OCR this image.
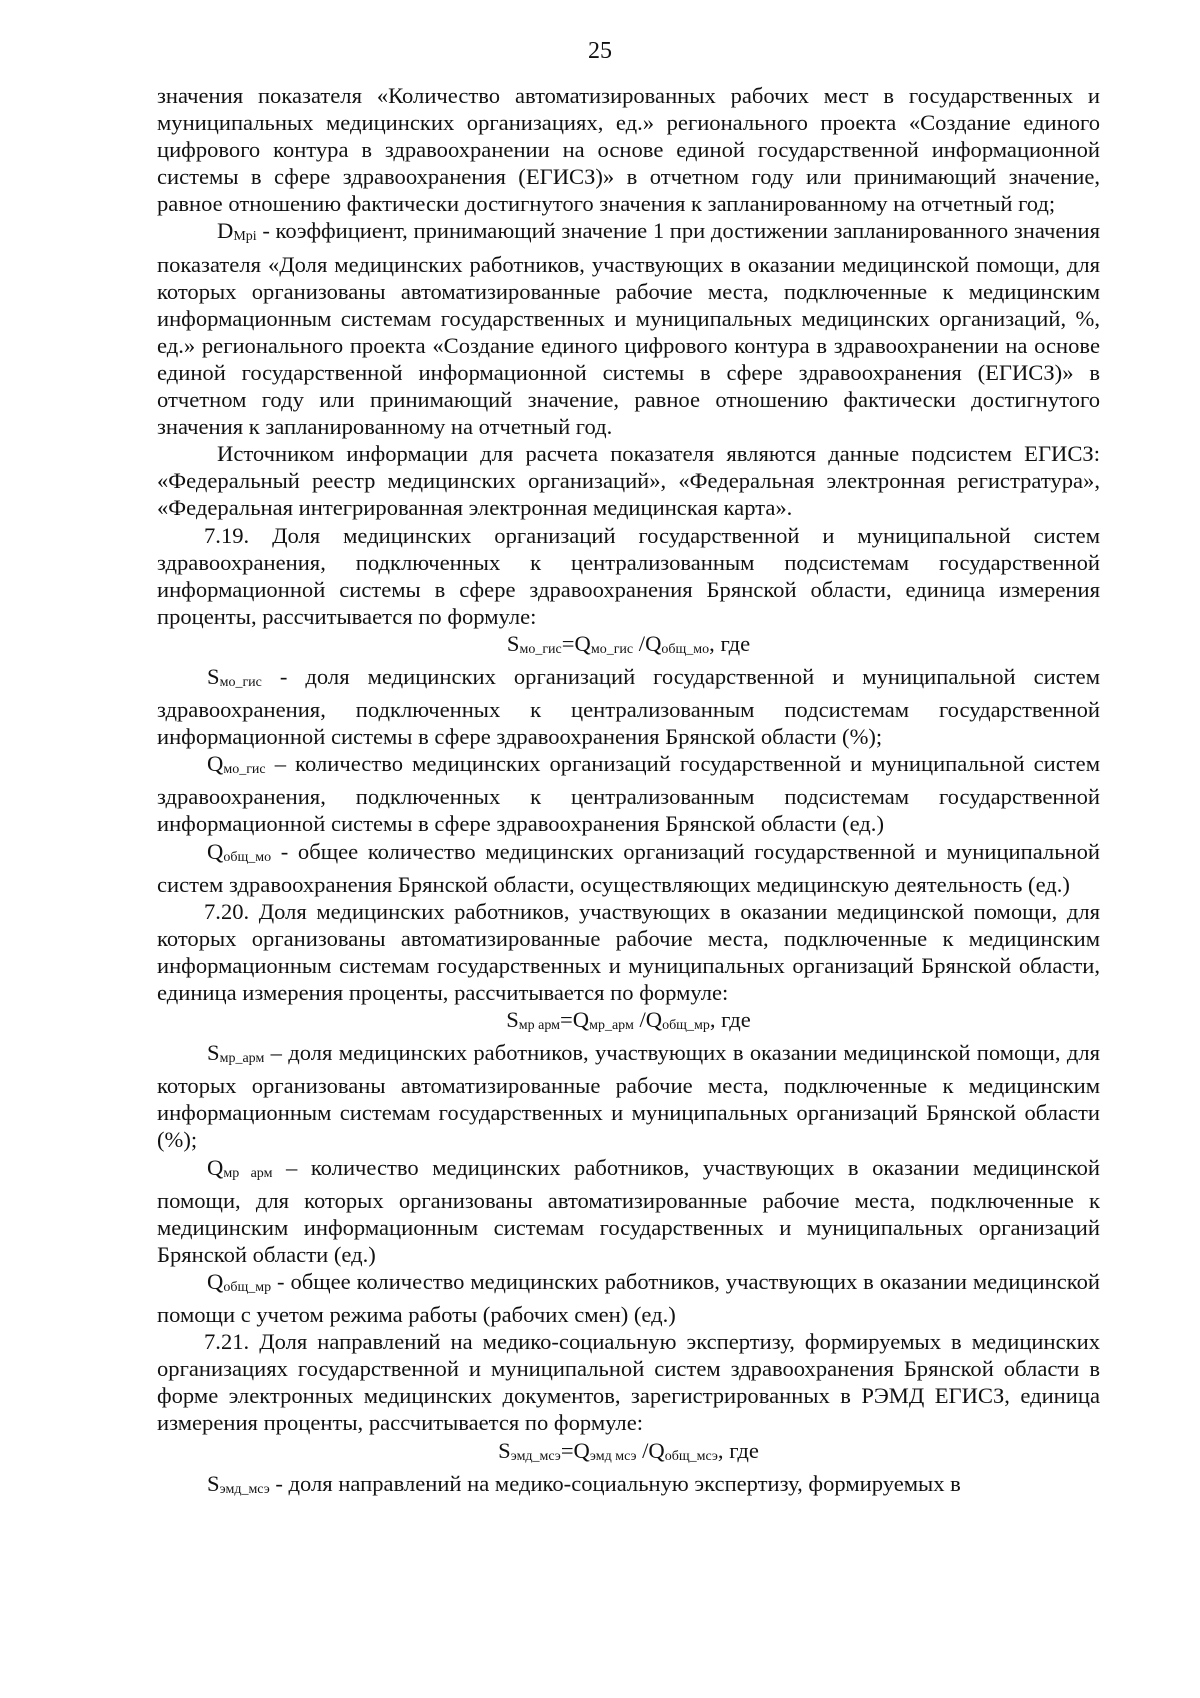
25

значения показателя «Количество автоматизированных рабочих мест в государственных и муниципальных медицинских организациях, ед.» регионального проекта «Создание единого цифрового контура в здравоохранении на основе единой государственной информационной системы в сфере здравоохранения (ЕГИСЗ)» в отчетном году или принимающий значение, равное отношению фактически достигнутого значения к запланированному на отчетный год;

DMpi - коэффициент, принимающий значение 1 при достижении запланированного значения показателя «Доля медицинских работников, участвующих в оказании медицинской помощи, для которых организованы автоматизированные рабочие места, подключенные к медицинским информационным системам государственных и муниципальных медицинских организаций, %, ед.» регионального проекта «Создание единого цифрового контура в здравоохранении на основе единой государственной информационной системы в сфере здравоохранения (ЕГИСЗ)» в отчетном году или принимающий значение, равное отношению фактически достигнутого значения к запланированному на отчетный год.

Источником информации для расчета показателя являются данные подсистем ЕГИСЗ: «Федеральный реестр медицинских организаций», «Федеральная электронная регистратура», «Федеральная интегрированная электронная медицинская карта».

7.19. Доля медицинских организаций государственной и муниципальной систем здравоохранения, подключенных к централизованным подсистемам государственной информационной системы в сфере здравоохранения Брянской области, единица измерения проценты, рассчитывается по формуле:

Sмо_гис=Qмо_гис /Qобщ_мо, где

Sмо_гис - доля медицинских организаций государственной и муниципальной систем здравоохранения, подключенных к централизованным подсистемам государственной информационной системы в сфере здравоохранения Брянской области (%);

Qмо_гис – количество медицинских организаций государственной и муниципальной систем здравоохранения, подключенных к централизованным подсистемам государственной информационной системы в сфере здравоохранения Брянской области (ед.)

Qобщ_мо - общее количество медицинских организаций государственной и муниципальной систем здравоохранения Брянской области, осуществляющих медицинскую деятельность (ед.)

7.20. Доля медицинских работников, участвующих в оказании медицинской помощи, для которых организованы автоматизированные рабочие места, подключенные к медицинским информационным системам государственных и муниципальных организаций Брянской области, единица измерения проценты, рассчитывается по формуле:

Sмр арм=Qмр_арм /Qобщ_мр, где

Sмр_арм – доля медицинских работников, участвующих в оказании медицинской помощи, для которых организованы автоматизированные рабочие места, подключенные к медицинским информационным системам государственных и муниципальных организаций Брянской области (%);

Qмр арм – количество медицинских работников, участвующих в оказании медицинской помощи, для которых организованы автоматизированные рабочие места, подключенные к медицинским информационным системам государственных и муниципальных организаций Брянской области (ед.)

Qобщ_мр - общее количество медицинских работников, участвующих в оказании медицинской помощи с учетом режима работы (рабочих смен) (ед.)

7.21. Доля направлений на медико-социальную экспертизу, формируемых в медицинских организациях государственной и муниципальной систем здравоохранения Брянской области в форме электронных медицинских документов, зарегистрированных в РЭМД ЕГИСЗ, единица измерения проценты, рассчитывается по формуле:

Sэмд_мсэ=Qэмд мсэ /Qобщ_мсэ, где

Sэмд_мсэ - доля направлений на медико-социальную экспертизу, формируемых в
